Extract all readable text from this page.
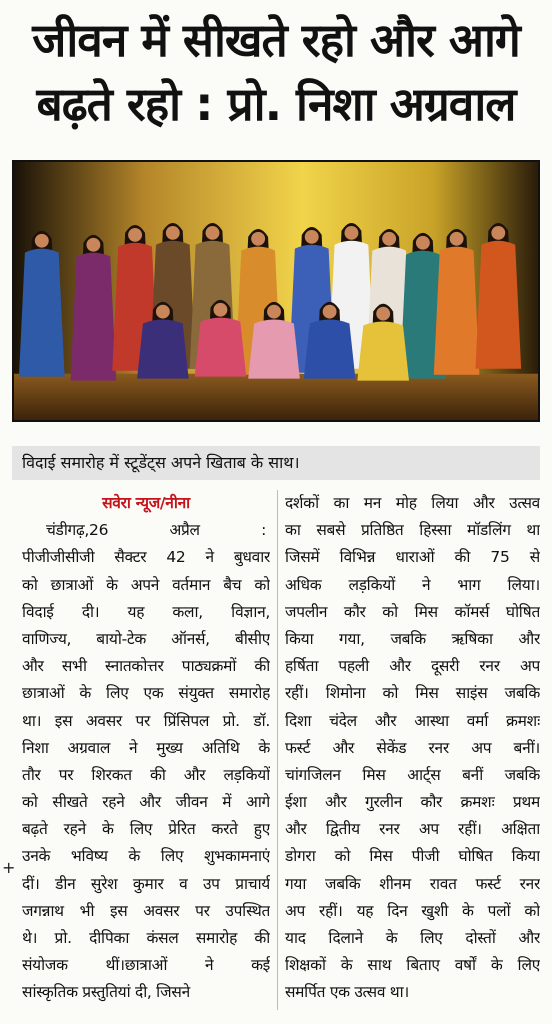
जीवन में सीखते रहो और आगे
बढ़ते रहो : प्रो. निशा अग्रवाल
विदाई समारोह में स्टूडेंट्स अपने खिताब के साथ।
+
सवेरा न्यूज/नीना
चंडीगढ़,26	अप्रैल	:
पीजीजीसीजी सैक्टर 42 ने बुधवार
को छात्राओं के अपने वर्तमान बैच को
विदाई दी। यह कला, विज्ञान,
वाणिज्य, बायो-टेक ऑनर्स, बीसीए
और सभी स्नातकोत्तर पाठ्यक्रमों की
छात्राओं के लिए एक संयुक्त समारोह
था। इस अवसर पर प्रिंसिपल प्रो. डॉ.
निशा अग्रवाल ने मुख्य अतिथि के
तौर पर शिरकत की और लड़कियों
को सीखते रहने और जीवन में आगे
बढ़ते रहने के लिए प्रेरित करते हुए
उनके भविष्य के लिए शुभकामनाएं
दीं। डीन सुरेश कुमार व उप प्राचार्य
जगन्नाथ भी इस अवसर पर उपस्थित
थे। प्रो. दीपिका कंसल समारोह की
संयोजक थीं।छात्राओं ने कई
सांस्कृतिक प्रस्तुतियां दी, जिसने
दर्शकों का मन मोह लिया और उत्सव
का सबसे प्रतिष्ठित हिस्सा मॉडलिंग था
जिसमें विभिन्न धाराओं की 75 से
अधिक लड़कियों ने भाग लिया।
जपलीन कौर को मिस कॉमर्स घोषित
किया गया, जबकि ऋषिका और
हर्षिता पहली और दूसरी रनर अप
रहीं। शिमोना को मिस साइंस जबकि
दिशा चंदेल और आस्था वर्मा क्रमशः
फर्स्ट और सेकेंड रनर अप बनीं।
चांगजिलन मिस आर्ट्स बनीं जबकि
ईशा और गुरलीन कौर क्रमशः प्रथम
और द्वितीय रनर अप रहीं। अक्षिता
डोगरा को मिस पीजी घोषित किया
गया जबकि शीनम रावत फर्स्ट रनर
अप रहीं। यह दिन खुशी के पलों को
याद दिलाने के लिए दोस्तों और
शिक्षकों के साथ बिताए वर्षों के लिए
समर्पित एक उत्सव था।
